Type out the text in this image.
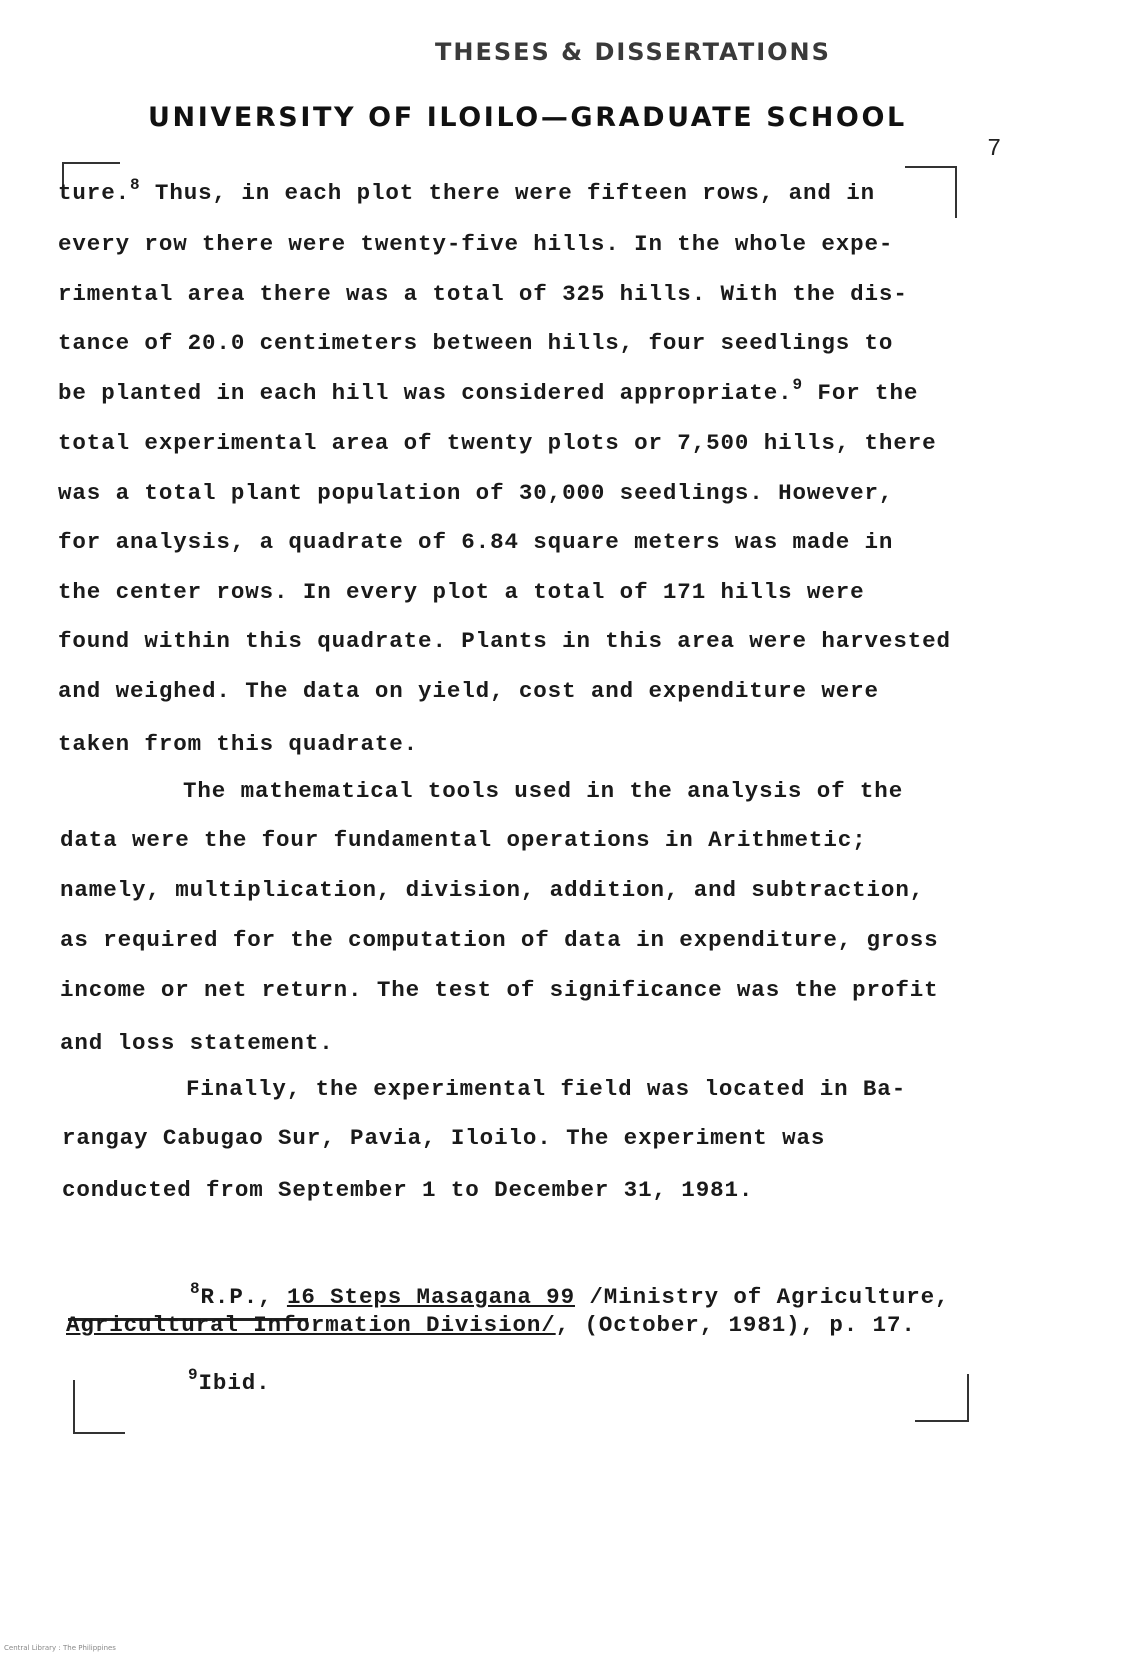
THESES & DISSERTATIONS
UNIVERSITY OF ILOILO—GRADUATE SCHOOL
7
ture.$^8$ Thus, in each plot there were fifteen rows, and in
every row there were twenty-five hills. In the whole expe-
rimental area there was a total of 325 hills. With the dis-
tance of 20.0 centimeters between hills, four seedlings to
be planted in each hill was considered appropriate.$^9$ For the
total experimental area of twenty plots or 7,500 hills, there
was a total plant population of 30,000 seedlings. However,
for analysis, a quadrate of 6.84 square meters was made in
the center rows. In every plot a total of 171 hills were
found within this quadrate. Plants in this area were harvested
and weighed. The data on yield, cost and expenditure were
taken from this quadrate.
The mathematical tools used in the analysis of the
data were the four fundamental operations in Arithmetic;
namely, multiplication, division, addition, and subtraction,
as required for the computation of data in expenditure, gross
income or net return. The test of significance was the profit
and loss statement.
Finally, the experimental field was located in Ba-
rangay Cabugao Sur, Pavia, Iloilo. The experiment was
conducted from September 1 to December 31, 1981.
$^8$R.P., 16 Steps Masagana 99 /Ministry of Agriculture,
Agricultural Information Division/, (October, 1981), p. 17.
$^9$Ibid.
Central Library : The Philippines
